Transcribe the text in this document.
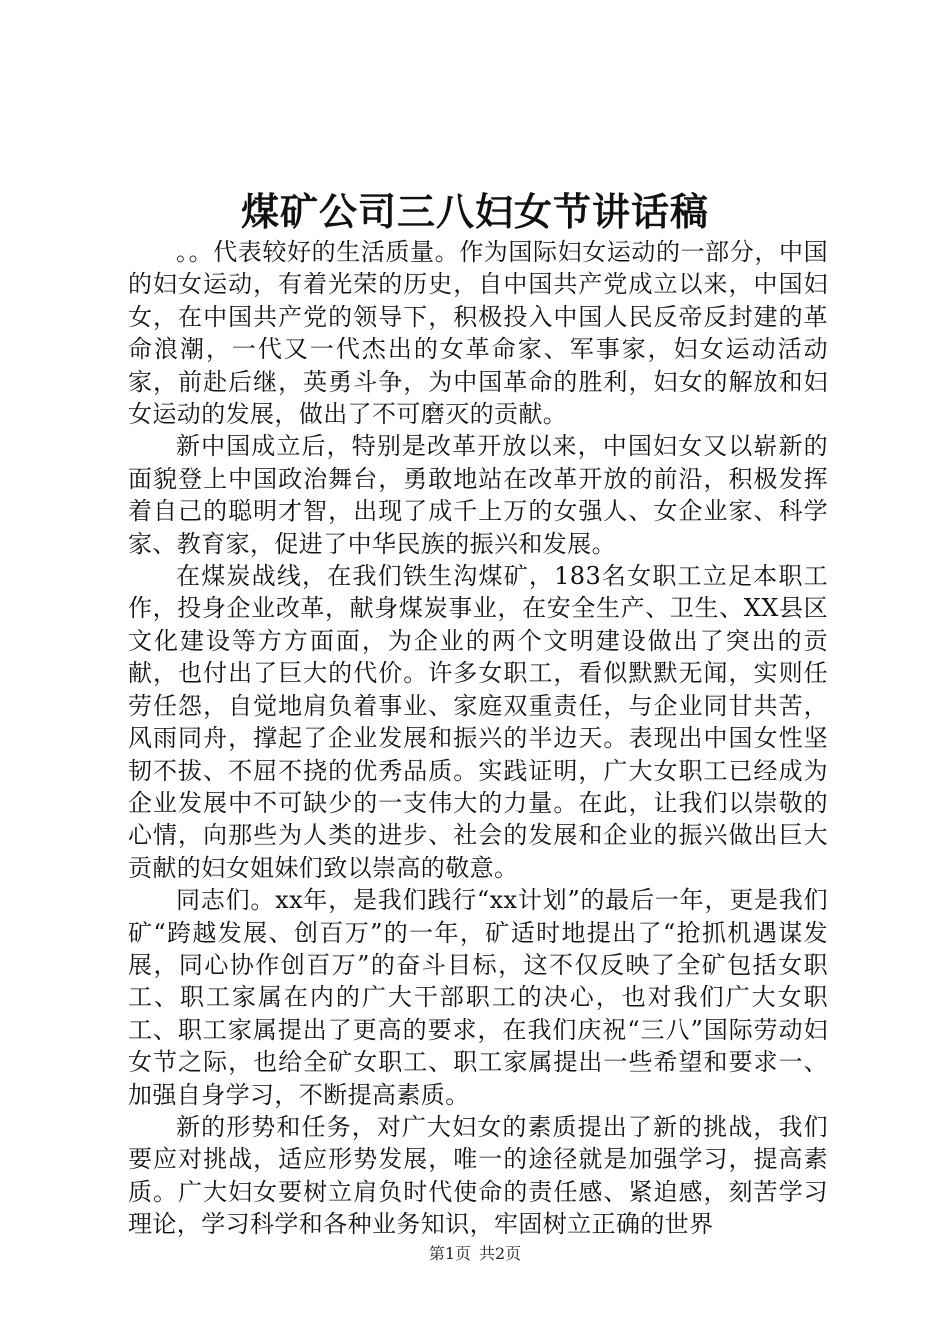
煤矿公司三八妇女节讲话稿

。。代表较好的生活质量。作为国际妇女运动的一部分，中国的妇女运动，有着光荣的历史，自中国共产党成立以来，中国妇女，在中国共产党的领导下，积极投入中国人民反帝反封建的革命浪潮，一代又一代杰出的女革命家、军事家，妇女运动活动家，前赴后继，英勇斗争，为中国革命的胜利，妇女的解放和妇女运动的发展，做出了不可磨灭的贡献。

新中国成立后，特别是改革开放以来，中国妇女又以崭新的面貌登上中国政治舞台，勇敢地站在改革开放的前沿，积极发挥着自己的聪明才智，出现了成千上万的女强人、女企业家、科学家、教育家，促进了中华民族的振兴和发展。

在煤炭战线，在我们铁生沟煤矿，183名女职工立足本职工作，投身企业改革，献身煤炭事业，在安全生产、卫生、XX县区文化建设等方方面面，为企业的两个文明建设做出了突出的贡献，也付出了巨大的代价。许多女职工，看似默默无闻，实则任劳任怨，自觉地肩负着事业、家庭双重责任，与企业同甘共苦，风雨同舟，撑起了企业发展和振兴的半边天。表现出中国女性坚韧不拔、不屈不挠的优秀品质。实践证明，广大女职工已经成为企业发展中不可缺少的一支伟大的力量。在此，让我们以崇敬的心情，向那些为人类的进步、社会的发展和企业的振兴做出巨大贡献的妇女姐妹们致以崇高的敬意。

同志们。xx年，是我们践行“xx计划”的最后一年，更是我们矿“跨越发展、创百万”的一年，矿适时地提出了“抢抓机遇谋发展，同心协作创百万”的奋斗目标，这不仅反映了全矿包括女职工、职工家属在内的广大干部职工的决心，也对我们广大女职工、职工家属提出了更高的要求，在我们庆祝“三八”国际劳动妇女节之际，也给全矿女职工、职工家属提出一些希望和要求一、加强自身学习，不断提高素质。

新的形势和任务，对广大妇女的素质提出了新的挑战，我们要应对挑战，适应形势发展，唯一的途径就是加强学习，提高素质。广大妇女要树立肩负时代使命的责任感、紧迫感，刻苦学习理论，学习科学和各种业务知识，牢固树立正确的世界

第1页 共2页
